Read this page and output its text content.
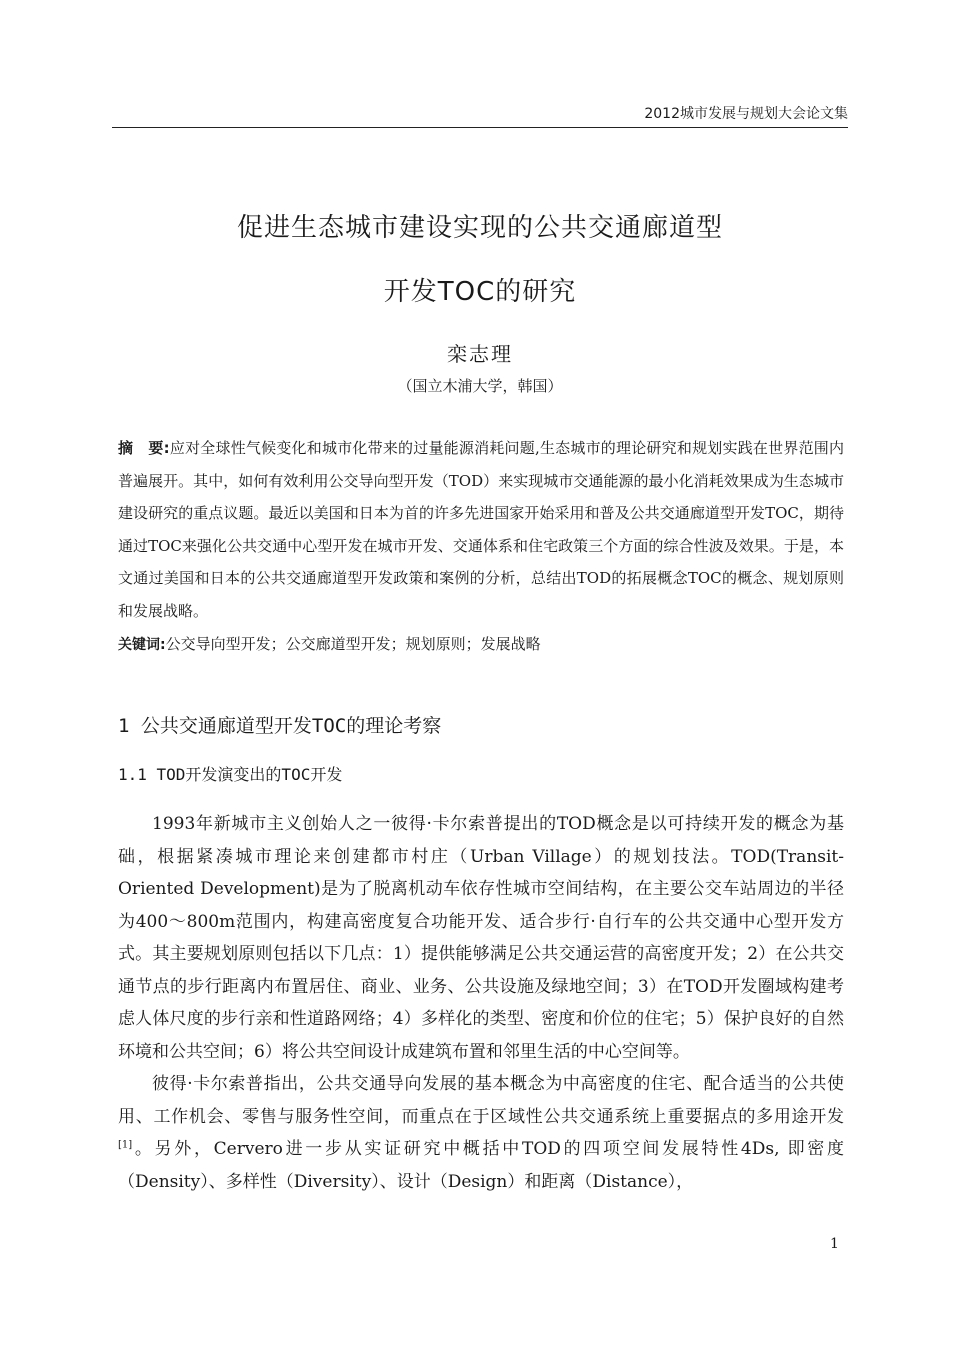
2012城市发展与规划大会论文集
促进生态城市建设实现的公共交通廊道型
开发TOC的研究
栾志理
（国立木浦大学，韩国）
摘　要:应对全球性气候变化和城市化带来的过量能源消耗问题,生态城市的理论研究和规划实践在世界范围内普遍展开。其中，如何有效利用公交导向型开发（TOD）来实现城市交通能源的最小化消耗效果成为生态城市建设研究的重点议题。最近以美国和日本为首的许多先进国家开始采用和普及公共交通廊道型开发TOC，期待通过TOC来强化公共交通中心型开发在城市开发、交通体系和住宅政策三个方面的综合性波及效果。于是，本文通过美国和日本的公共交通廊道型开发政策和案例的分析，总结出TOD的拓展概念TOC的概念、规划原则和发展战略。
关键词:公交导向型开发；公交廊道型开发；规划原则；发展战略
1 公共交通廊道型开发TOC的理论考察
1.1 TOD开发演变出的TOC开发

1993年新城市主义创始人之一彼得·卡尔索普提出的TOD概念是以可持续开发的概念为基础，根据紧凑城市理论来创建都市村庄（Urban Village）的规划技法。TOD(Transit-Oriented Development)是为了脱离机动车依存性城市空间结构，在主要公交车站周边的半径为400～800m范围内，构建高密度复合功能开发、适合步行·自行车的公共交通中心型开发方式。其主要规划原则包括以下几点：1）提供能够满足公共交通运营的高密度开发；2）在公共交通节点的步行距离内布置居住、商业、业务、公共设施及绿地空间；3）在TOD开发圈域构建考虑人体尺度的步行亲和性道路网络；4）多样化的类型、密度和价位的住宅；5）保护良好的自然环境和公共空间；6）将公共空间设计成建筑布置和邻里生活的中心空间等。

彼得·卡尔索普指出，公共交通导向发展的基本概念为中高密度的住宅、配合适当的公共使用、工作机会、零售与服务性空间，而重点在于区域性公共交通系统上重要据点的多用途开发[1]。另外，Cervero进一步从实证研究中概括中TOD的四项空间发展特性4Ds, 即密度（Density）、多样性（Diversity）、设计（Design）和距离（Distance），

1
